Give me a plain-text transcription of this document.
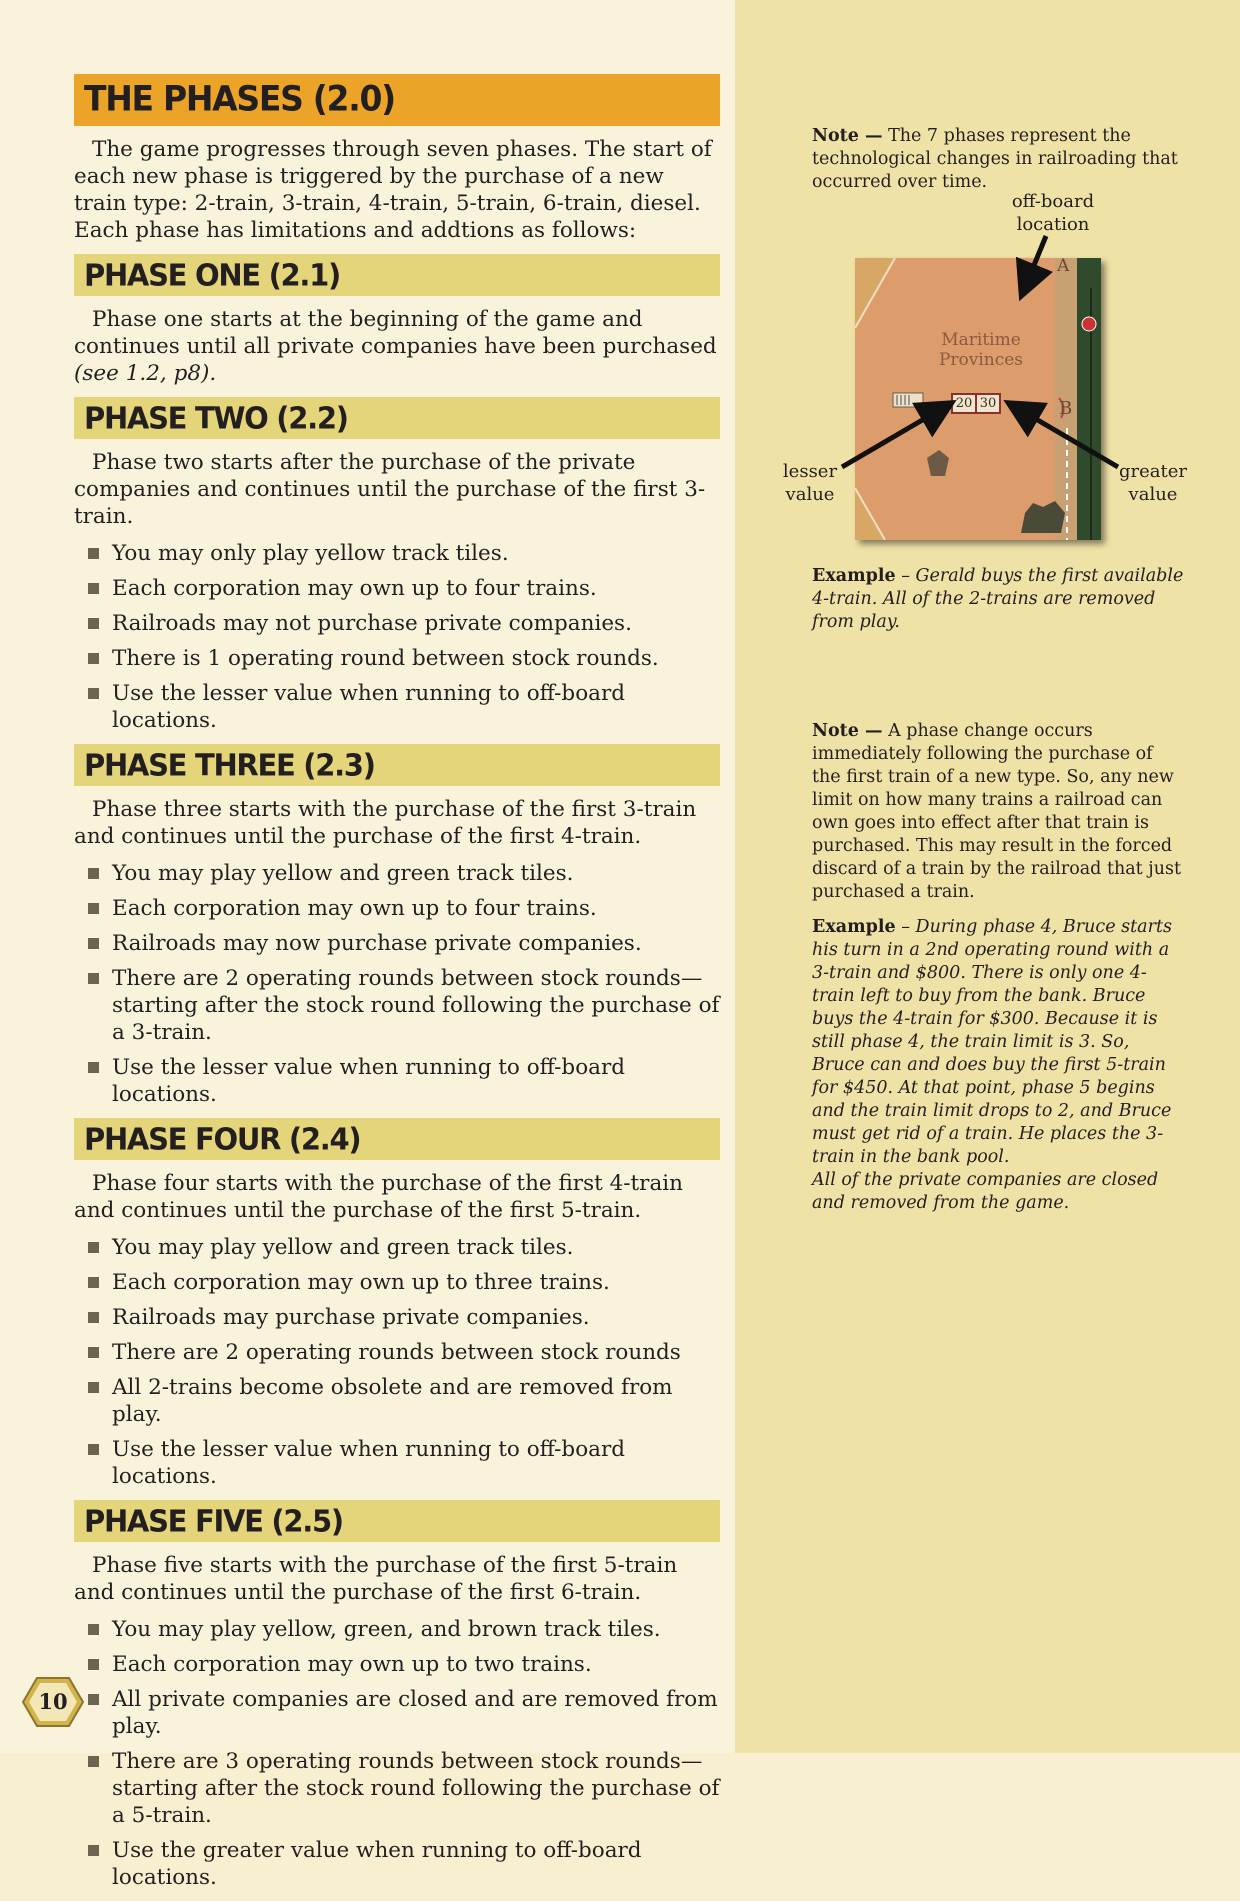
THE PHASES (2.0)

The game progresses through seven phases. The start of each new phase is triggered by the purchase of a new train type: 2-train, 3-train, 4-train, 5-train, 6-train, diesel. Each phase has limitations and addtions as follows:

PHASE ONE (2.1)

Phase one starts at the beginning of the game and continues until all private companies have been purchased (see 1.2, p8).

PHASE TWO (2.2)

Phase two starts after the purchase of the private companies and continues until the purchase of the first 3-train.

You may only play yellow track tiles.
Each corporation may own up to four trains.
Railroads may not purchase private companies.
There is 1 operating round between stock rounds.
Use the lesser value when running to off-board locations.
PHASE THREE (2.3)

Phase three starts with the purchase of the first 3-train and continues until the purchase of the first 4-train.

You may play yellow and green track tiles.
Each corporation may own up to four trains.
Railroads may now purchase private companies.
There are 2 operating rounds between stock rounds—starting after the stock round following the purchase of a 3-train.
Use the lesser value when running to off-board locations.
PHASE FOUR (2.4)

Phase four starts with the purchase of the first 4-train and continues until the purchase of the first 5-train.

You may play yellow and green track tiles.
Each corporation may own up to three trains.
Railroads may purchase private companies.
There are 2 operating rounds between stock rounds
All 2-trains become obsolete and are removed from play.
Use the lesser value when running to off-board locations.
PHASE FIVE (2.5)

Phase five starts with the purchase of the first 5-train and continues until the purchase of the first 6-train.

You may play yellow, green, and brown track tiles.
Each corporation may own up to two trains.
All private companies are closed and are removed from play.
There are 3 operating rounds between stock rounds—starting after the stock round following the purchase of a 5-train.
Use the greater value when running to off-board locations.
Note — The 7 phases represent the technological changes in railroading that occurred over time.
off-board location
lesser value
greater value
Maritime Provinces
20 30
A
B
Example – Gerald buys the first available 4-train. All of the 2-trains are removed from play.
Note — A phase change occurs immediately following the purchase of the first train of a new type. So, any new limit on how many trains a railroad can own goes into effect after that train is purchased. This may result in the forced discard of a train by the railroad that just purchased a train.
Example – During phase 4, Bruce starts his turn in a 2nd operating round with a 3-train and $800. There is only one 4-train left to buy from the bank. Bruce buys the 4-train for $300. Because it is still phase 4, the train limit is 3. So, Bruce can and does buy the first 5-train for $450. At that point, phase 5 begins and the train limit drops to 2, and Bruce must get rid of a train. He places the 3-train in the bank pool.
All of the private companies are closed and removed from the game.
10
